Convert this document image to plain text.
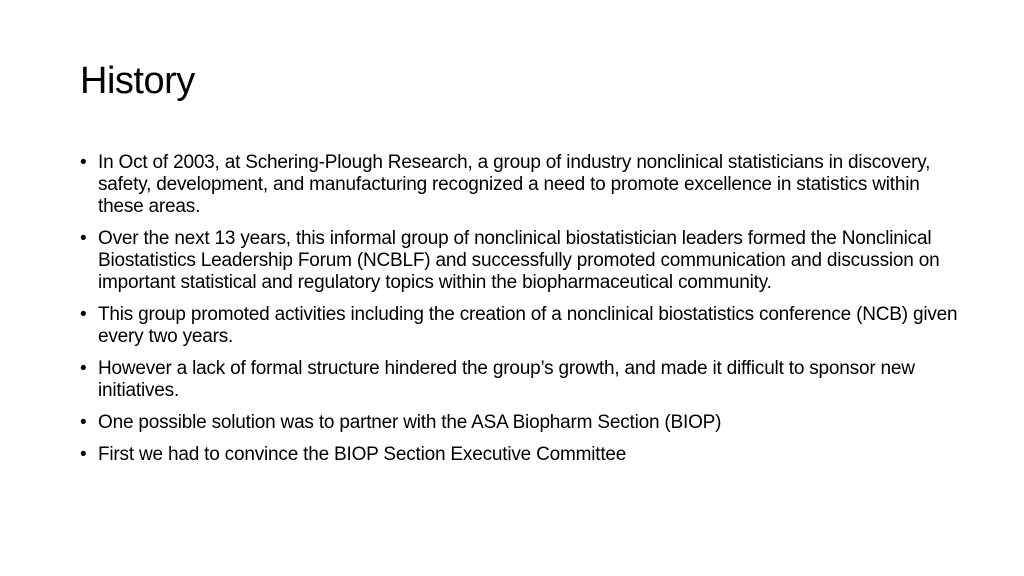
History
• In Oct of 2003, at Schering-Plough Research, a group of industry nonclinical statisticians in discovery, safety, development, and manufacturing recognized a need to promote excellence in statistics within these areas.
• Over the next 13 years, this informal group of nonclinical biostatistician leaders formed the Nonclinical Biostatistics Leadership Forum (NCBLF) and successfully promoted communication and discussion on important statistical and regulatory topics within the biopharmaceutical community.
• This group promoted activities including the creation of a nonclinical biostatistics conference (NCB) given every two years.
• However a lack of formal structure hindered the group’s growth, and made it difficult to sponsor new initiatives.
• One possible solution was to partner with the ASA Biopharm Section (BIOP)
• First we had to convince the BIOP Section Executive Committee
